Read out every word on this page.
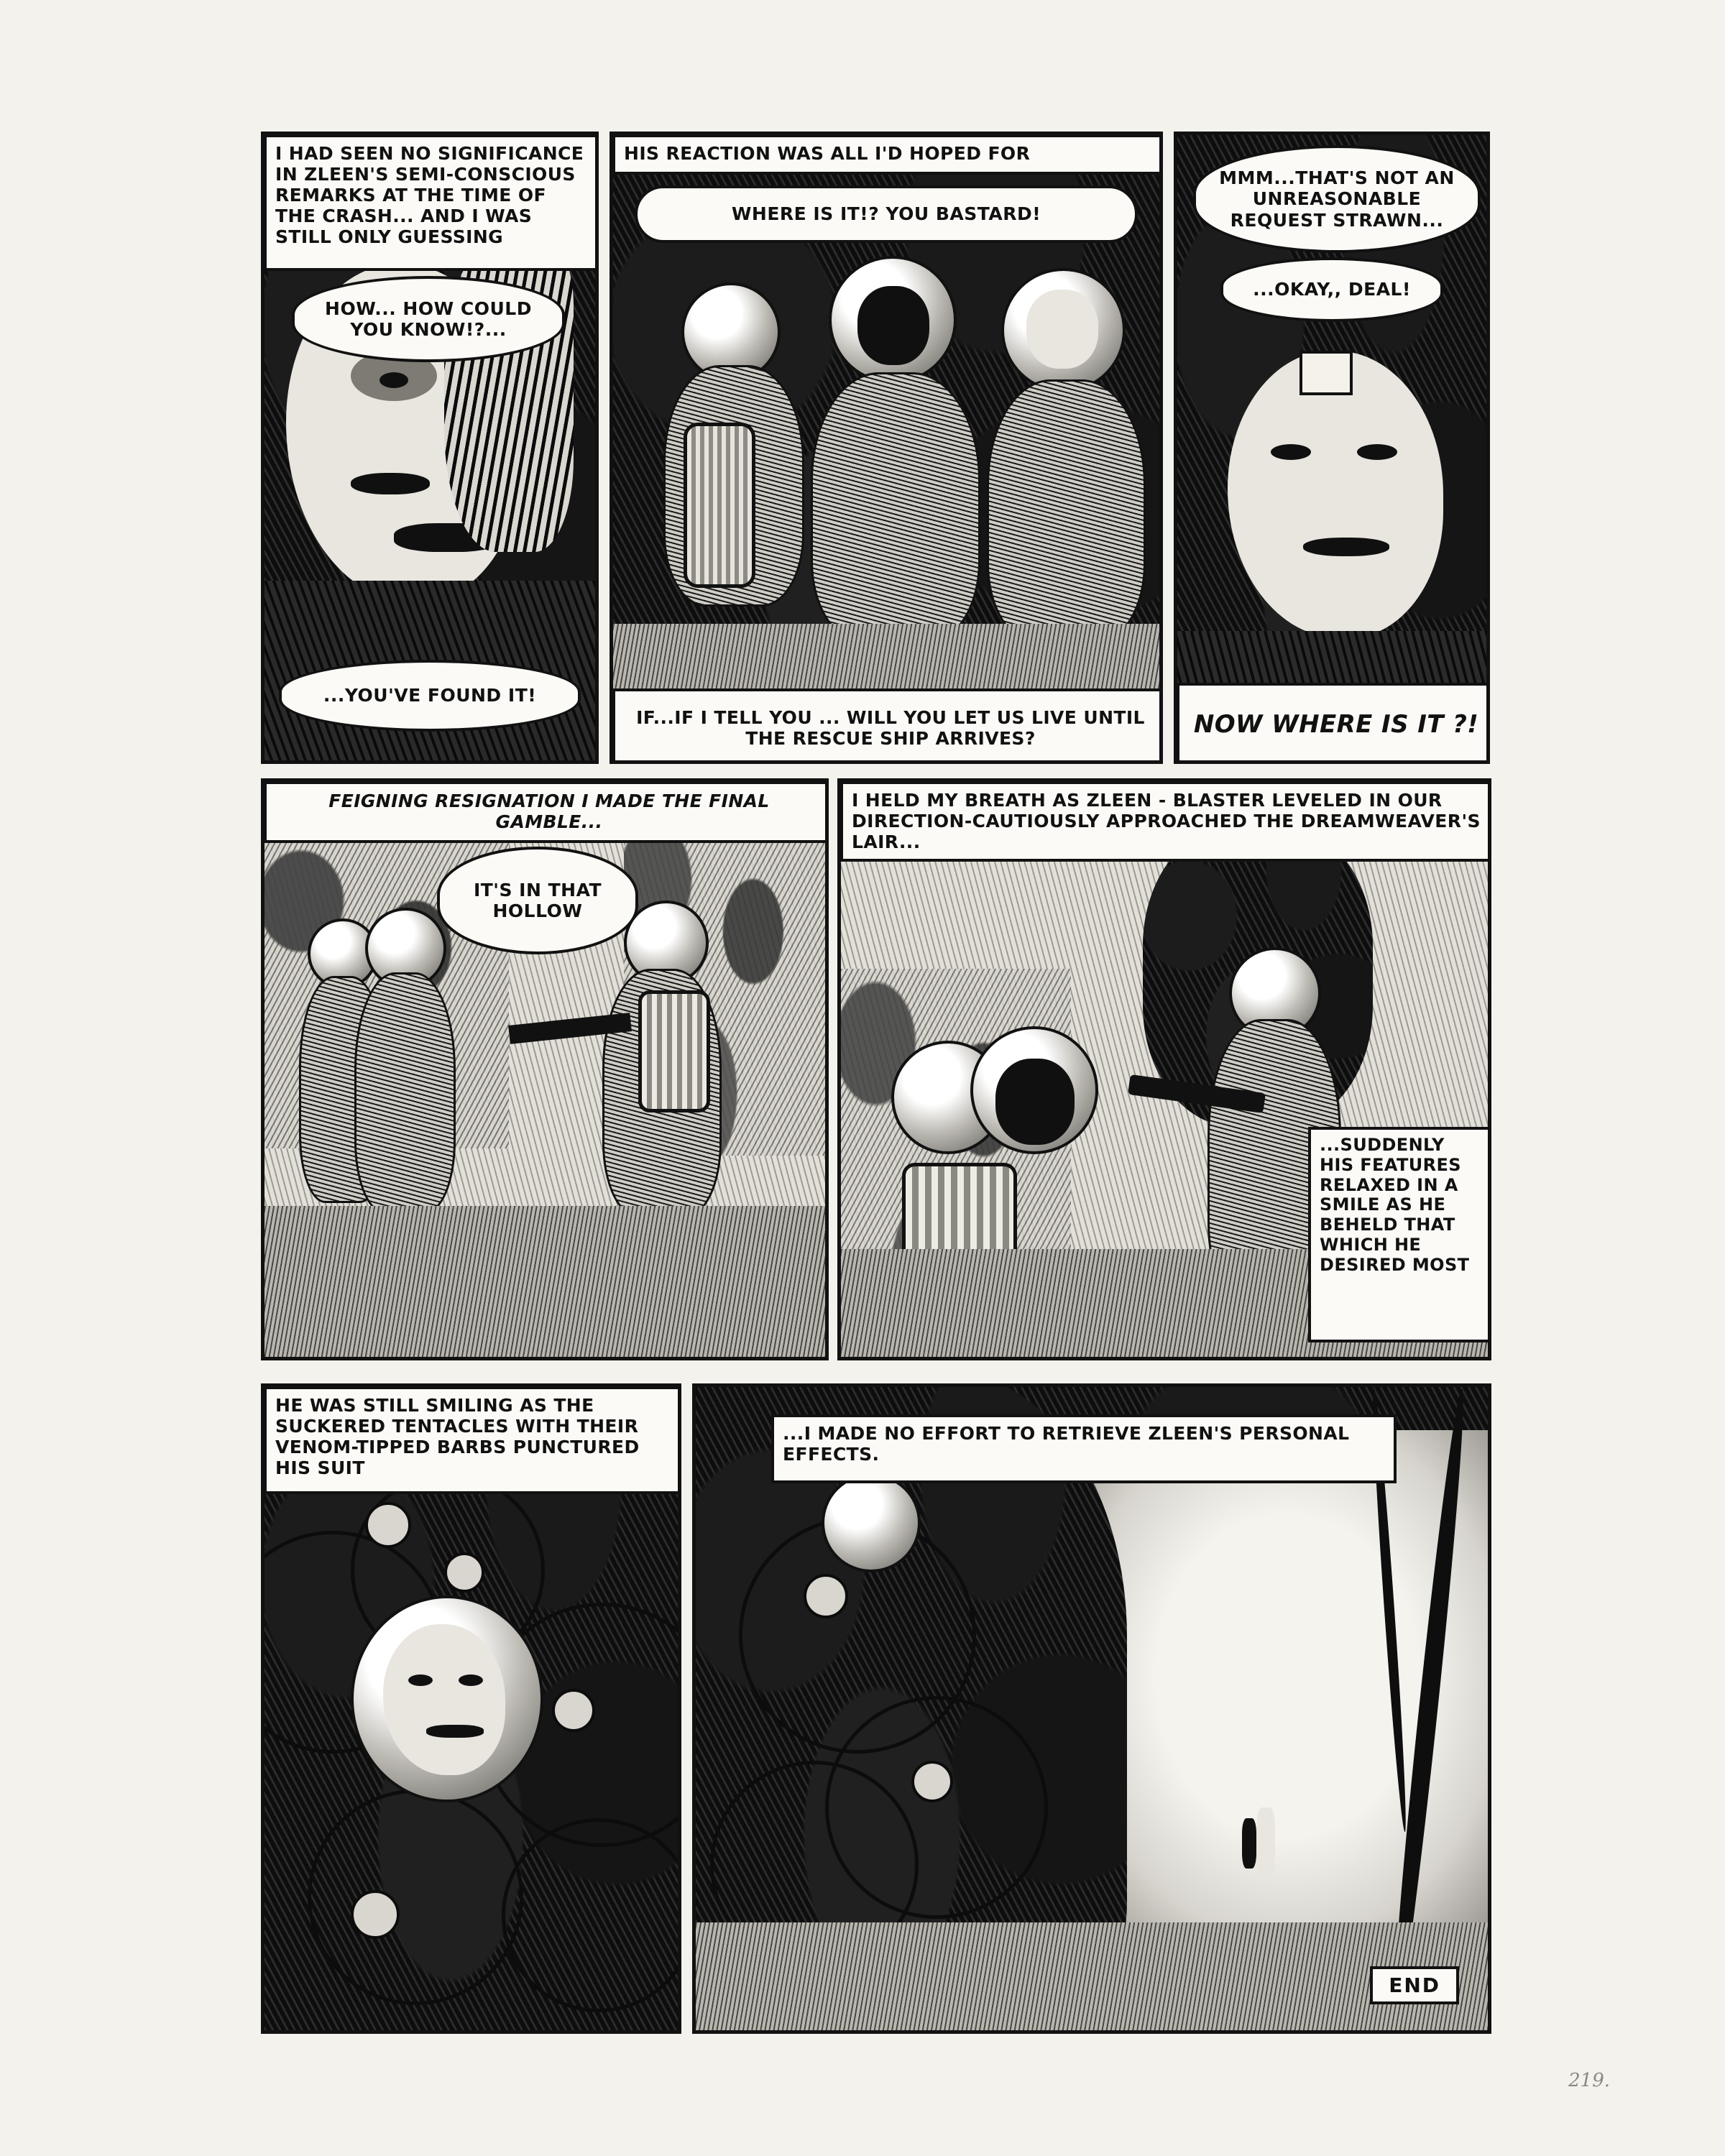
I HAD SEEN NO SIGNIFICANCE IN ZLEEN'S SEMI-CONSCIOUS REMARKS AT THE TIME OF THE CRASH... AND I WAS STILL ONLY GUESSING
HOW... HOW COULD YOU KNOW!?...
...YOU'VE FOUND IT!
HIS REACTION WAS ALL I'D HOPED FOR
WHERE IS IT!? YOU BASTARD!
IF...IF I TELL YOU ... WILL YOU LET US LIVE UNTIL THE RESCUE SHIP ARRIVES?
MMM...THAT'S NOT AN UNREASONABLE REQUEST STRAWN...
...OKAY,, DEAL!
NOW WHERE IS IT ?!
FEIGNING RESIGNATION I MADE THE FINAL GAMBLE...
IT'S IN THAT HOLLOW
I HELD MY BREATH AS ZLEEN - BLASTER LEVELED IN OUR DIRECTION-CAUTIOUSLY APPROACHED THE DREAMWEAVER'S LAIR...
...SUDDENLY HIS FEATURES RELAXED IN A SMILE AS HE BEHELD THAT WHICH HE DESIRED MOST
HE WAS STILL SMILING AS THE SUCKERED TENTACLES WITH THEIR VENOM-TIPPED BARBS PUNCTURED HIS SUIT
...I MADE NO EFFORT TO RETRIEVE ZLEEN'S PERSONAL EFFECTS.
END
219.
